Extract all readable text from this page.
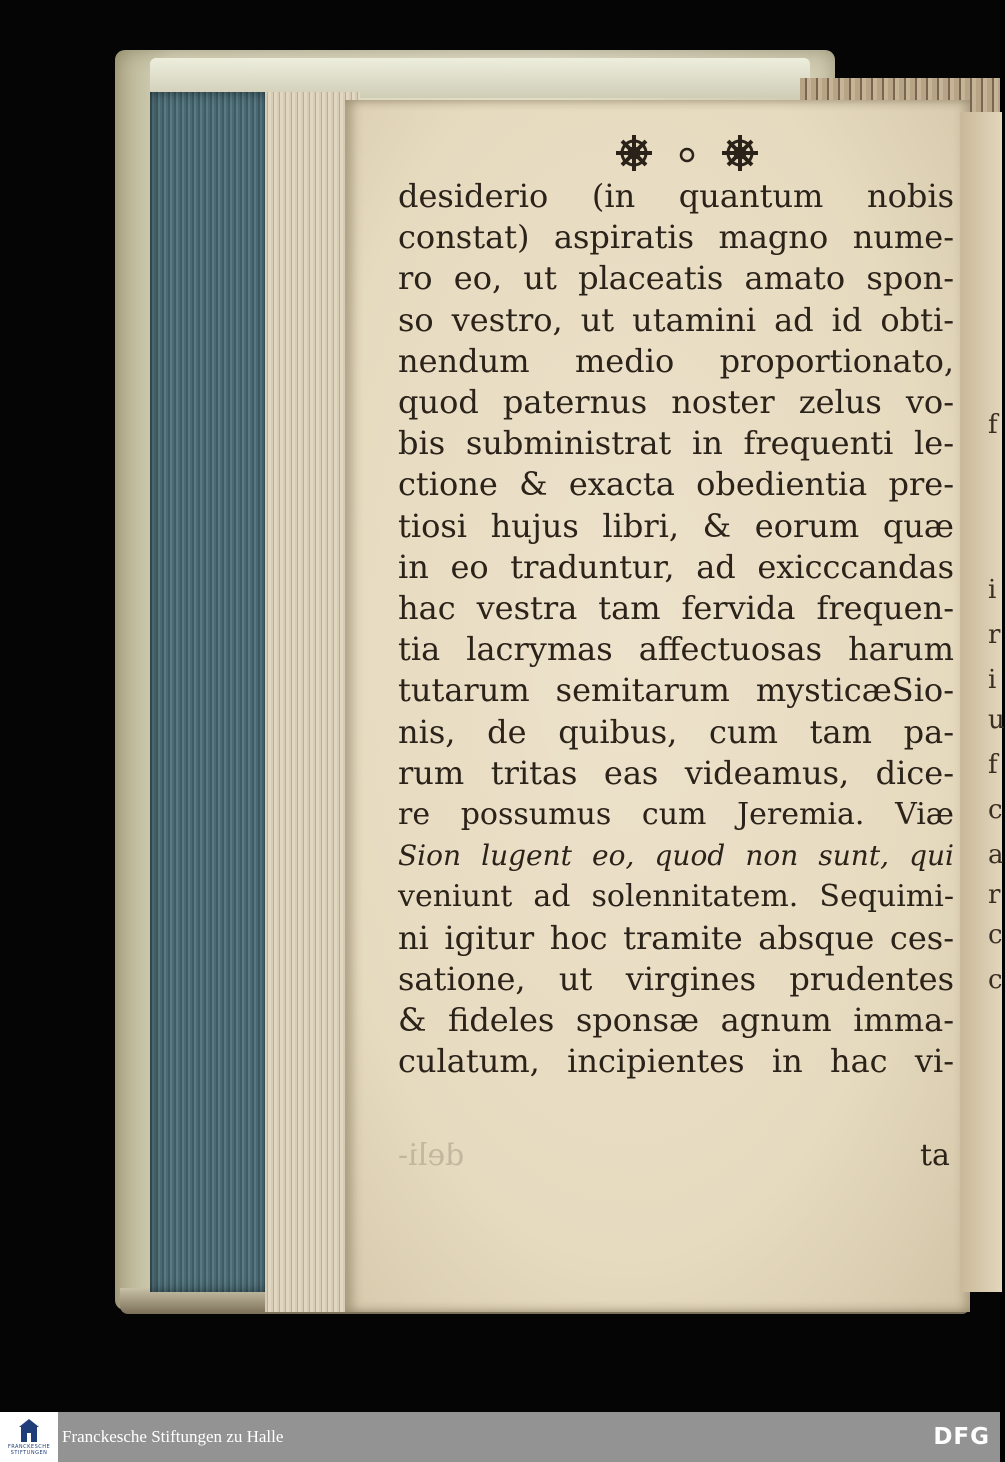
f
i
r
i
u
f
c
a
r
c
c
desiderio (in quantum nobis
constat) aspiratis magno nume-
ro eo, ut placeatis amato spon-
so vestro, ut utamini ad id obti-
nendum medio proportionato,
quod paternus noster zelus vo-
bis subministrat in frequenti le-
ctione & exacta obedientia pre-
tiosi hujus libri, & eorum quæ
in eo traduntur, ad exicccandas
hac vestra tam fervida frequen-
tia lacrymas affectuosas harum
tutarum semitarum mysticæSio-
nis, de quibus, cum tam pa-
rum tritas eas videamus, dice-
re possumus cum Jeremia. Viæ
Sion lugent eo, quod non sunt, qui
veniunt ad solennitatem. Sequimi-
ni igitur hoc tramite absque ces-
satione, ut virgines prudentes
& fideles sponsæ agnum imma-
culatum, incipientes in hac vi-
deli-	ta
FRANCKESCHE STIFTUNGEN
Franckesche Stiftungen zu Halle	DFG
